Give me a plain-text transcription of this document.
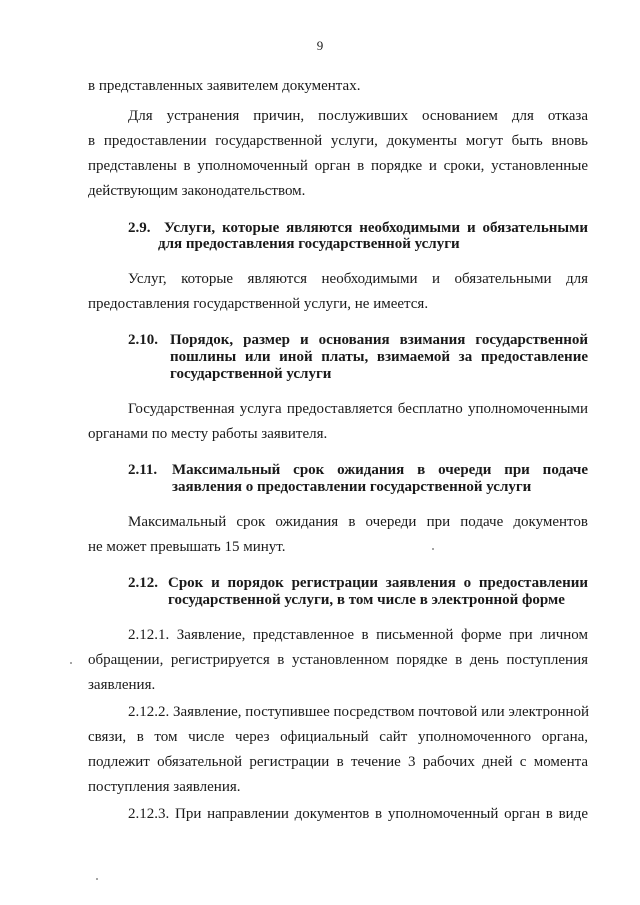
9
в представленных заявителем документах.
Для устранения причин, послуживших основанием для отказа
в предоставлении государственной услуги, документы могут быть вновь
представлены в уполномоченный орган в порядке и сроки, установленные
действующим законодательством.
2.9. Услуги, которые являются необходимыми и обязательными
для предоставления государственной услуги
Услуг, которые являются необходимыми и обязательными для
предоставления государственной услуги, не имеется.
2.10. Порядок, размер и основания взимания государственной
пошлины или иной платы, взимаемой за предоставление
государственной услуги
Государственная услуга предоставляется бесплатно уполномоченными
органами по месту работы заявителя.
2.11. Максимальный срок ожидания в очереди при подаче
заявления о предоставлении государственной услуги
Максимальный срок ожидания в очереди при подаче документов
не может превышать 15 минут.
2.12. Срок и порядок регистрации заявления о предоставлении
государственной услуги, в том числе в электронной форме
2.12.1. Заявление, представленное в письменной форме при личном
обращении, регистрируется в установленном порядке в день поступления
заявления.
2.12.2. Заявление, поступившее посредством почтовой или электронной
связи, в том числе через официальный сайт уполномоченного органа,
подлежит обязательной регистрации в течение 3 рабочих дней с момента
поступления заявления.
2.12.3. При направлении документов в уполномоченный орган в виде
